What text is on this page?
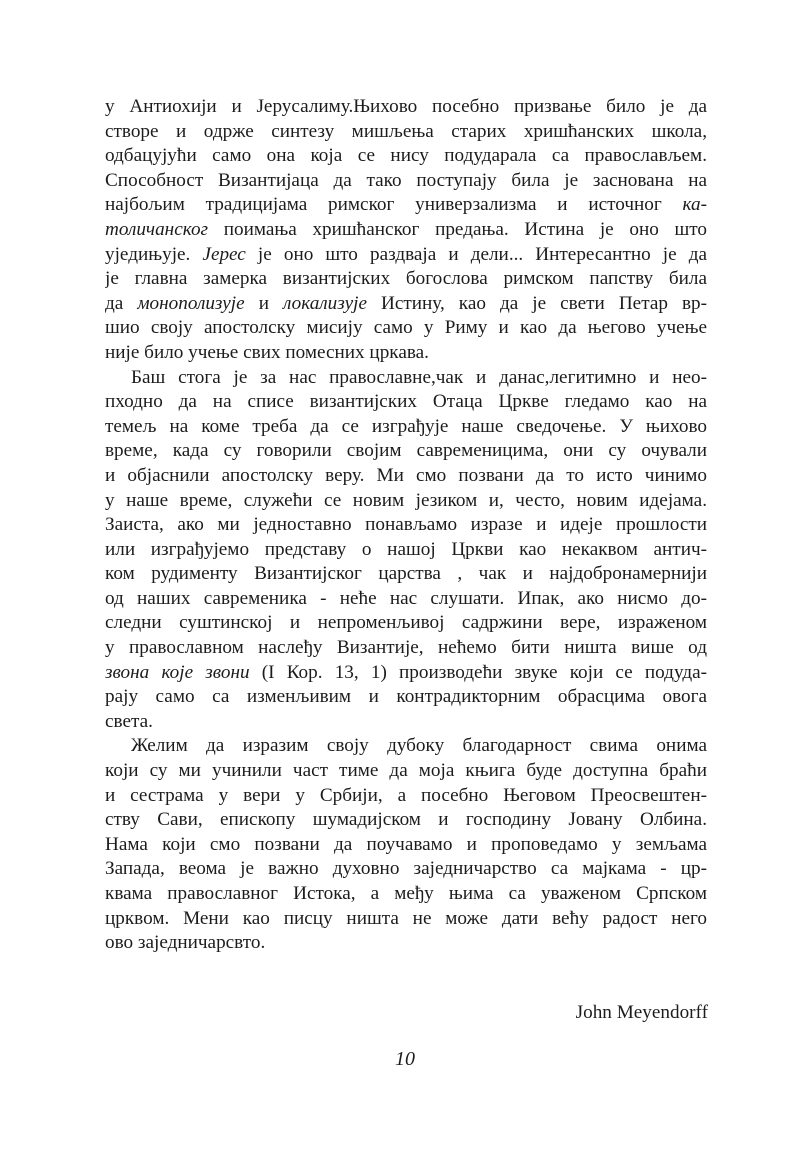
у Антиохији и Јерусалиму.Њихово посебно призвање било је да
створе и одрже синтезу мишљења старих хришћанских школа,
одбацујући само она која се нису подударала са православљем.
Способност Византијаца да тако поступају била је заснована на
најбољим традицијама римског универзализма и источног ка-
толичанског поимања хришћанског предања. Истина је оно што
уједињује. Јерес је оно што раздваја и дели... Интересантно је да
је главна замерка византијских богослова римском папству била
да монополизује и локализује Истину, као да је свети Петар вр-
шио своју апостолску мисију само у Риму и као да његово учење
није било учење свих помесних цркава.
Баш стога је за нас православне,чак и данас,легитимно и нео-
пходно да на списе византијских Отаца Цркве гледамо као на
темељ на коме треба да се изграђује наше сведочење. У њихово
време, када су говорили својим савременицима, они су очували
и објаснили апостолску веру. Ми смо позвани да то исто чинимо
у наше време, служећи се новим језиком и, често, новим идејама.
Заиста, ако ми једноставно понављамо изразе и идеје прошлости
или изграђујемо представу о нашој Цркви као некаквом антич-
ком рудименту Византијског царства , чак и најдобронамернији
од наших савременика - неће нас слушати. Ипак, ако нисмо до-
следни суштинској и непроменљивој садржини вере, израженом
у православном наслеђу Византије, нећемо бити ништа више од
звона које звони (I Кор. 13, 1) производећи звуке који се подуда-
рају само са изменљивим и контрадикторним обрасцима овога
света.
Желим да изразим своју дубоку благодарност свима онима
који су ми учинили част тиме да моја књига буде доступна браћи
и сестрама у вери у Србији, а посебно Његовом Преосвештен-
ству Сави, епископу шумадијском и господину Јовану Олбина.
Нама који смо позвани да поучавамо и проповедамо у земљама
Запада, веома је важно духовно заједничарство са мајкама - цр-
квама православног Истока, а међу њима са уваженом Српском
црквом. Мени као писцу ништа не може дати већу радост него
ово заједничарсвто.
John Meyendorff
10
